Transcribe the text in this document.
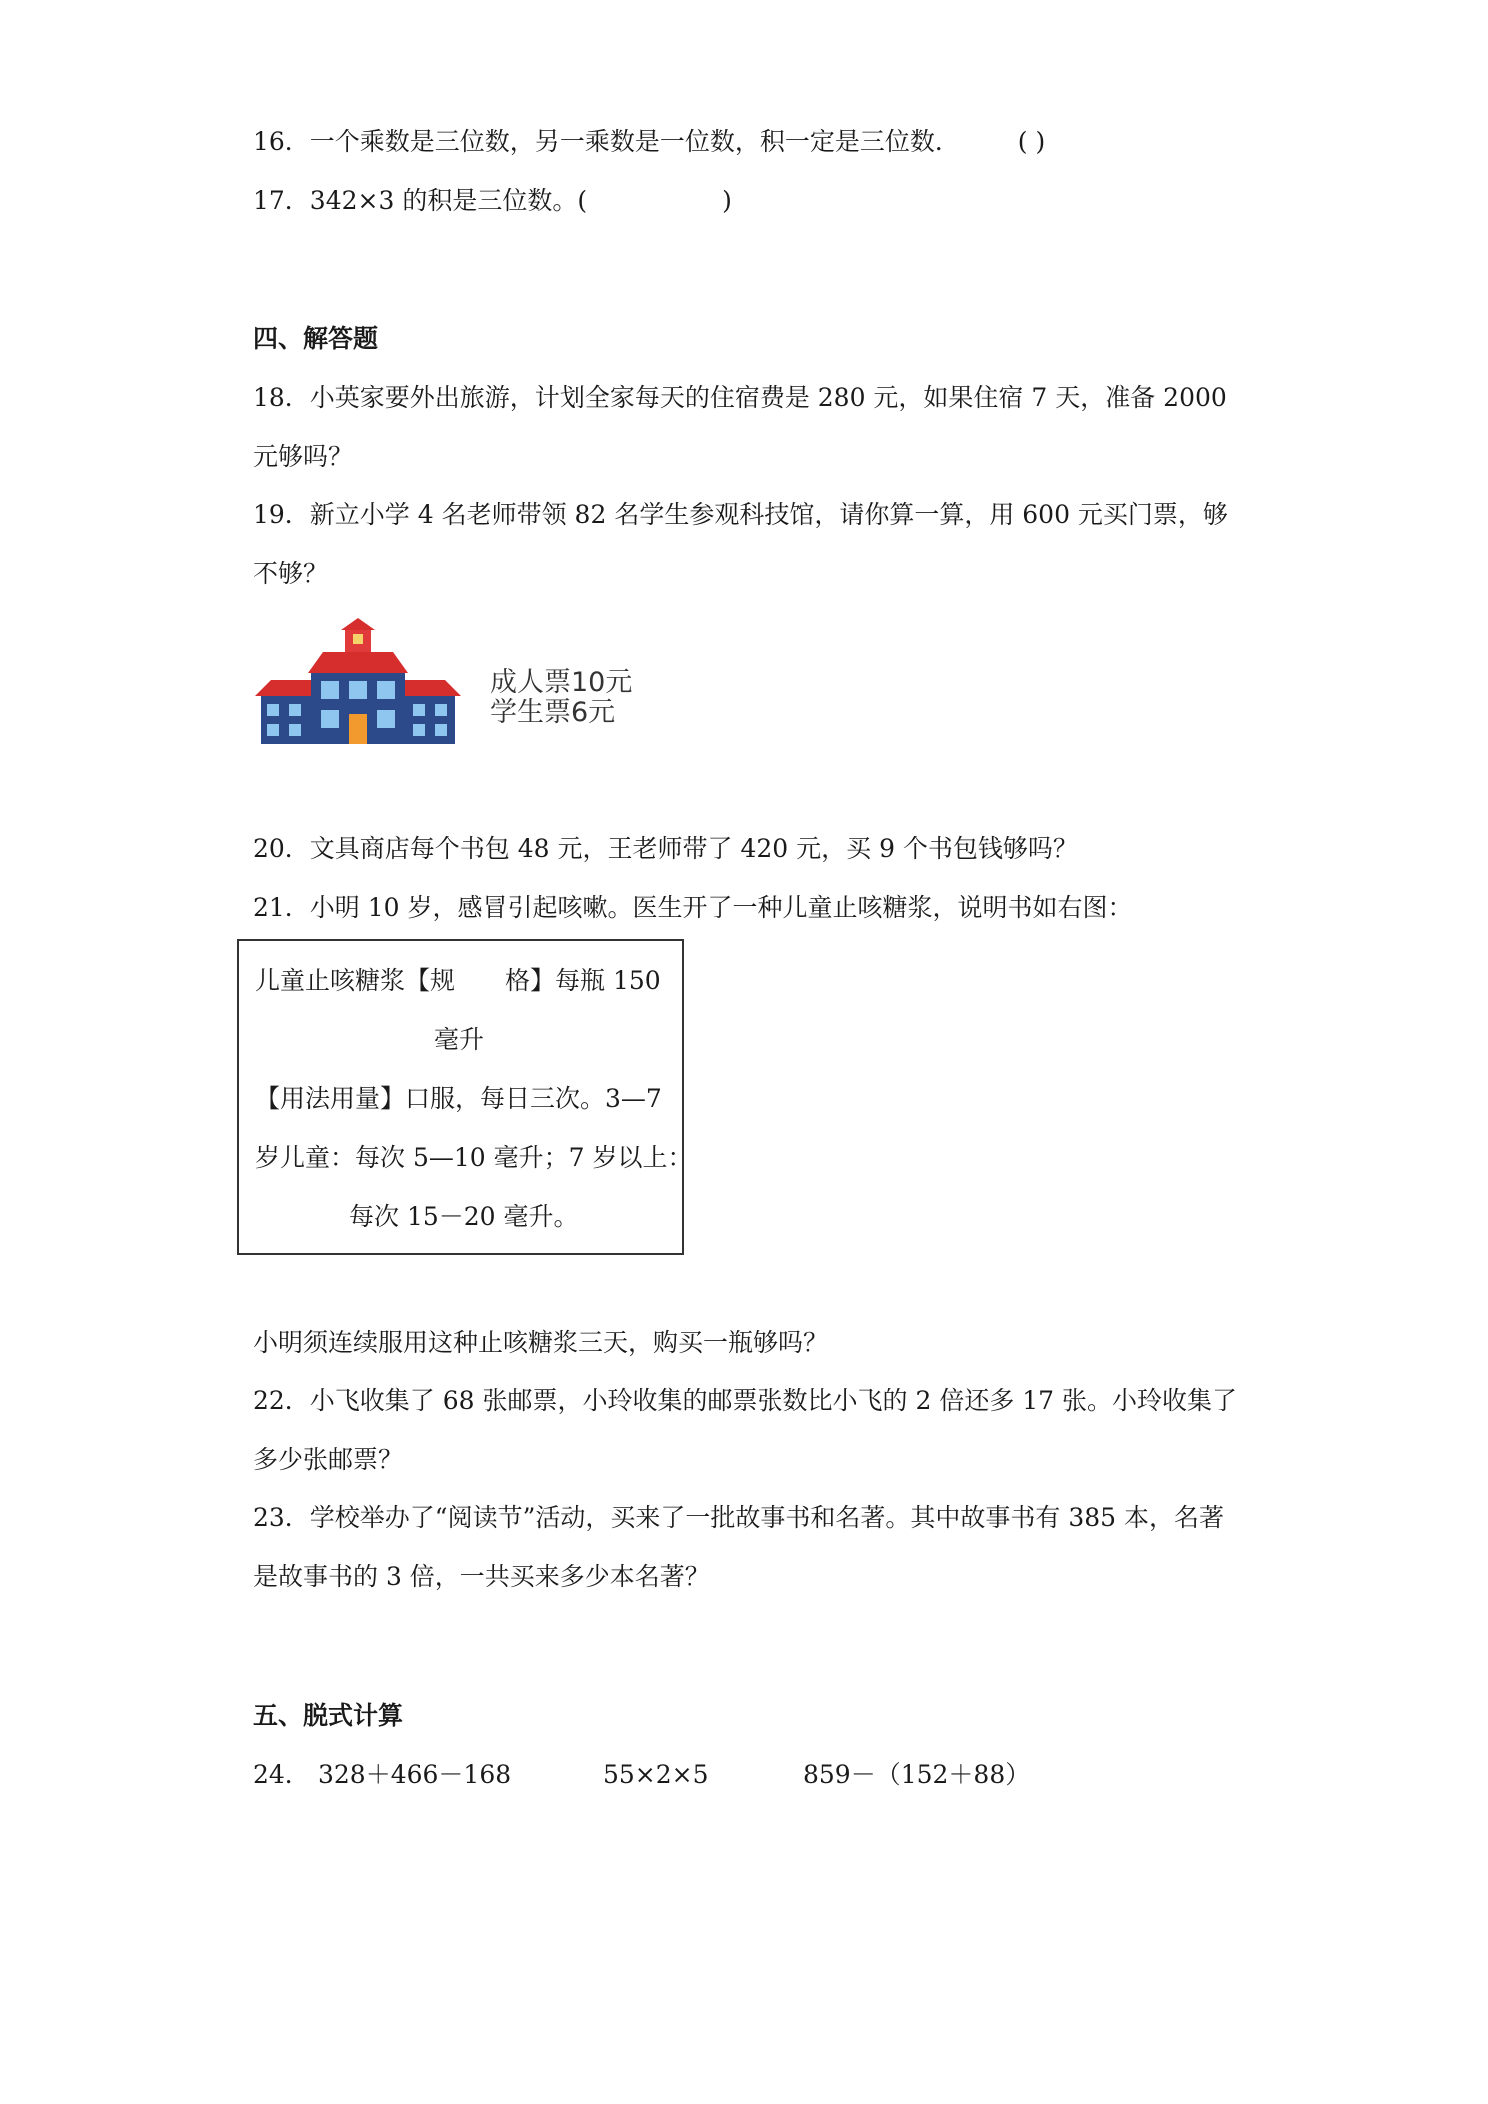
16．一个乘数是三位数，另一乘数是一位数，积一定是三位数． ( )
17．342×3 的积是三位数。(	)
四、解答题
18．小英家要外出旅游，计划全家每天的住宿费是 280 元，如果住宿 7 天，准备 2000
元够吗？
19．新立小学 4 名老师带领 82 名学生参观科技馆，请你算一算，用 600 元买门票，够
不够？
成人票10元
学生票6元
20．文具商店每个书包 48 元，王老师带了 420 元，买 9 个书包钱够吗？
21．小明 10 岁，感冒引起咳嗽。医生开了一种儿童止咳糖浆，说明书如右图：
儿童止咳糖浆【规　　格】每瓶 150
毫升
【用法用量】口服，每日三次。3—7
岁儿童：每次 5—10 毫升；7 岁以上：
每次 15－20 毫升。
小明须连续服用这种止咳糖浆三天，购买一瓶够吗？
22．小飞收集了 68 张邮票，小玲收集的邮票张数比小飞的 2 倍还多 17 张。小玲收集了
多少张邮票？
23．学校举办了“阅读节”活动，买来了一批故事书和名著。其中故事书有 385 本，名著
是故事书的 3 倍，一共买来多少本名著？
五、脱式计算
24． 328＋466－168	55×2×5	859－（152＋88）
